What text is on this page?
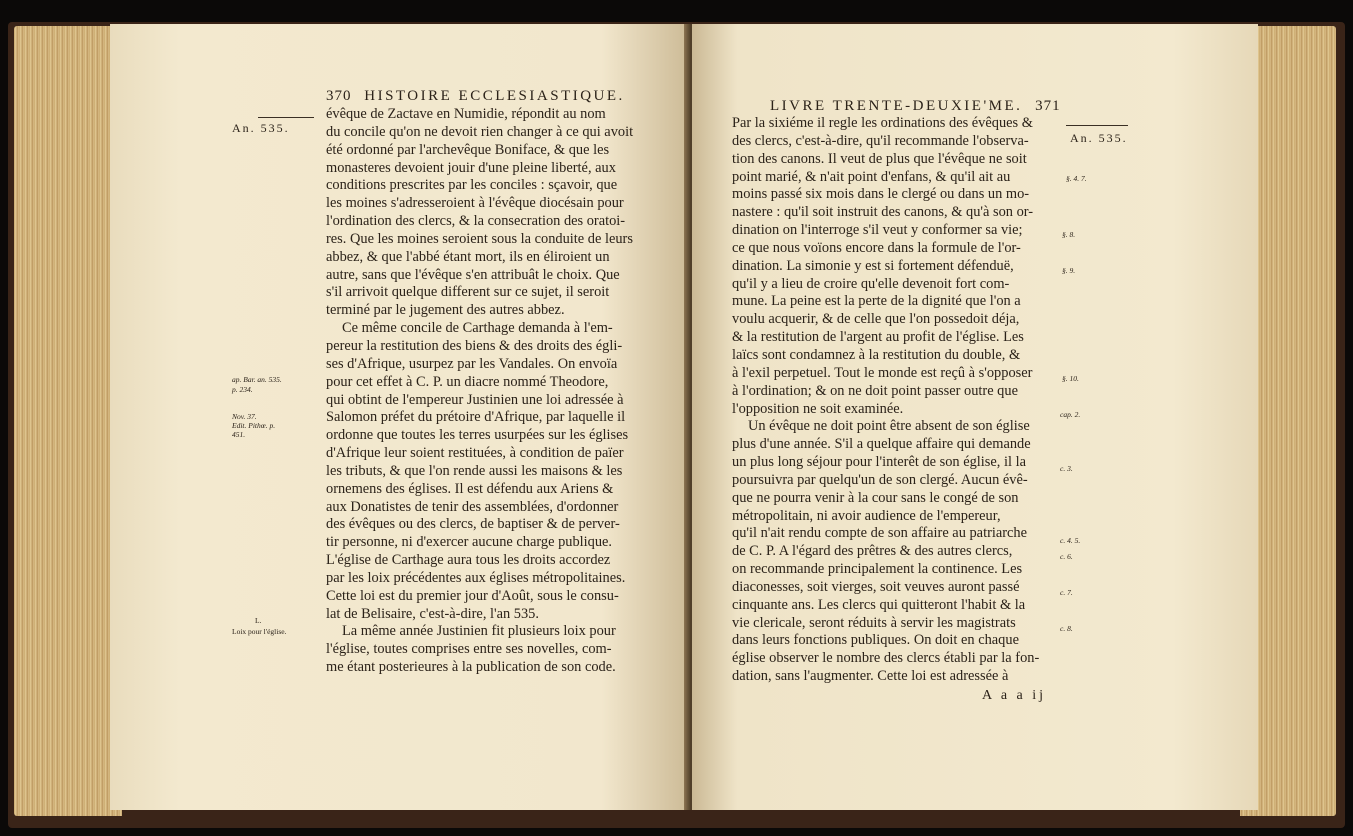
370 HISTOIRE ECCLESIASTIQUE.
An. 535.
ap. Bar. an. 535.
p. 234.
Nov. 37.
Edit. Pithœ. p.
451.
L.
Loix pour l'église.
évêque de Zactave en Numidie, répondit au nom
du concile qu'on ne devoit rien changer à ce qui avoit
été ordonné par l'archevêque Boniface, & que les
monasteres devoient jouir d'une pleine liberté, aux
conditions prescrites par les conciles : sçavoir, que
les moines s'adresseroient à l'évêque diocésain pour
l'ordination des clercs, & la consecration des oratoi-
res. Que les moines seroient sous la conduite de leurs
abbez, & que l'abbé étant mort, ils en éliroient un
autre, sans que l'évêque s'en attribuât le choix. Que
s'il arrivoit quelque different sur ce sujet, il seroit
terminé par le jugement des autres abbez.
Ce même concile de Carthage demanda à l'em-
pereur la restitution des biens & des droits des égli-
ses d'Afrique, usurpez par les Vandales. On envoïa
pour cet effet à C. P. un diacre nommé Theodore,
qui obtint de l'empereur Justinien une loi adressée à
Salomon préfet du prétoire d'Afrique, par laquelle il
ordonne que toutes les terres usurpées sur les églises
d'Afrique leur soient restituées, à condition de païer
les tributs, & que l'on rende aussi les maisons & les
ornemens des églises. Il est défendu aux Ariens &
aux Donatistes de tenir des assemblées, d'ordonner
des évêques ou des clercs, de baptiser & de perver-
tir personne, ni d'exercer aucune charge publique.
L'église de Carthage aura tous les droits accordez
par les loix précédentes aux églises métropolitaines.
Cette loi est du premier jour d'Août, sous le consu-
lat de Belisaire, c'est-à-dire, l'an 535.
La même année Justinien fit plusieurs loix pour
l'église, toutes comprises entre ses novelles, com-
me étant posterieures à la publication de son code.
LIVRE TRENTE-DEUXIE'ME. 371
An. 535.
§. 4. 7.
§. 8.
§. 9.
§. 10.
cap. 2.
c. 3.
c. 4. 5.
c. 6.
c. 7.
c. 8.
Par la sixiéme il regle les ordinations des évêques &
des clercs, c'est-à-dire, qu'il recommande l'observa-
tion des canons. Il veut de plus que l'évêque ne soit
point marié, & n'ait point d'enfans, & qu'il ait au
moins passé six mois dans le clergé ou dans un mo-
nastere : qu'il soit instruit des canons, & qu'à son or-
dination on l'interroge s'il veut y conformer sa vie;
ce que nous voïons encore dans la formule de l'or-
dination. La simonie y est si fortement défenduë,
qu'il y a lieu de croire qu'elle devenoit fort com-
mune. La peine est la perte de la dignité que l'on a
voulu acquerir, & de celle que l'on possedoit déja,
& la restitution de l'argent au profit de l'église. Les
laïcs sont condamnez à la restitution du double, &
à l'exil perpetuel. Tout le monde est reçû à s'opposer
à l'ordination; & on ne doit point passer outre que
l'opposition ne soit examinée.
Un évêque ne doit point être absent de son église
plus d'une année. S'il a quelque affaire qui demande
un plus long séjour pour l'interêt de son église, il la
poursuivra par quelqu'un de son clergé. Aucun évê-
que ne pourra venir à la cour sans le congé de son
métropolitain, ni avoir audience de l'empereur,
qu'il n'ait rendu compte de son affaire au patriarche
de C. P. A l'égard des prêtres & des autres clercs,
on recommande principalement la continence. Les
diaconesses, soit vierges, soit veuves auront passé
cinquante ans. Les clercs qui quitteront l'habit & la
vie clericale, seront réduits à servir les magistrats
dans leurs fonctions publiques. On doit en chaque
église observer le nombre des clercs établi par la fon-
dation, sans l'augmenter. Cette loi est adressée à
A a a ij
